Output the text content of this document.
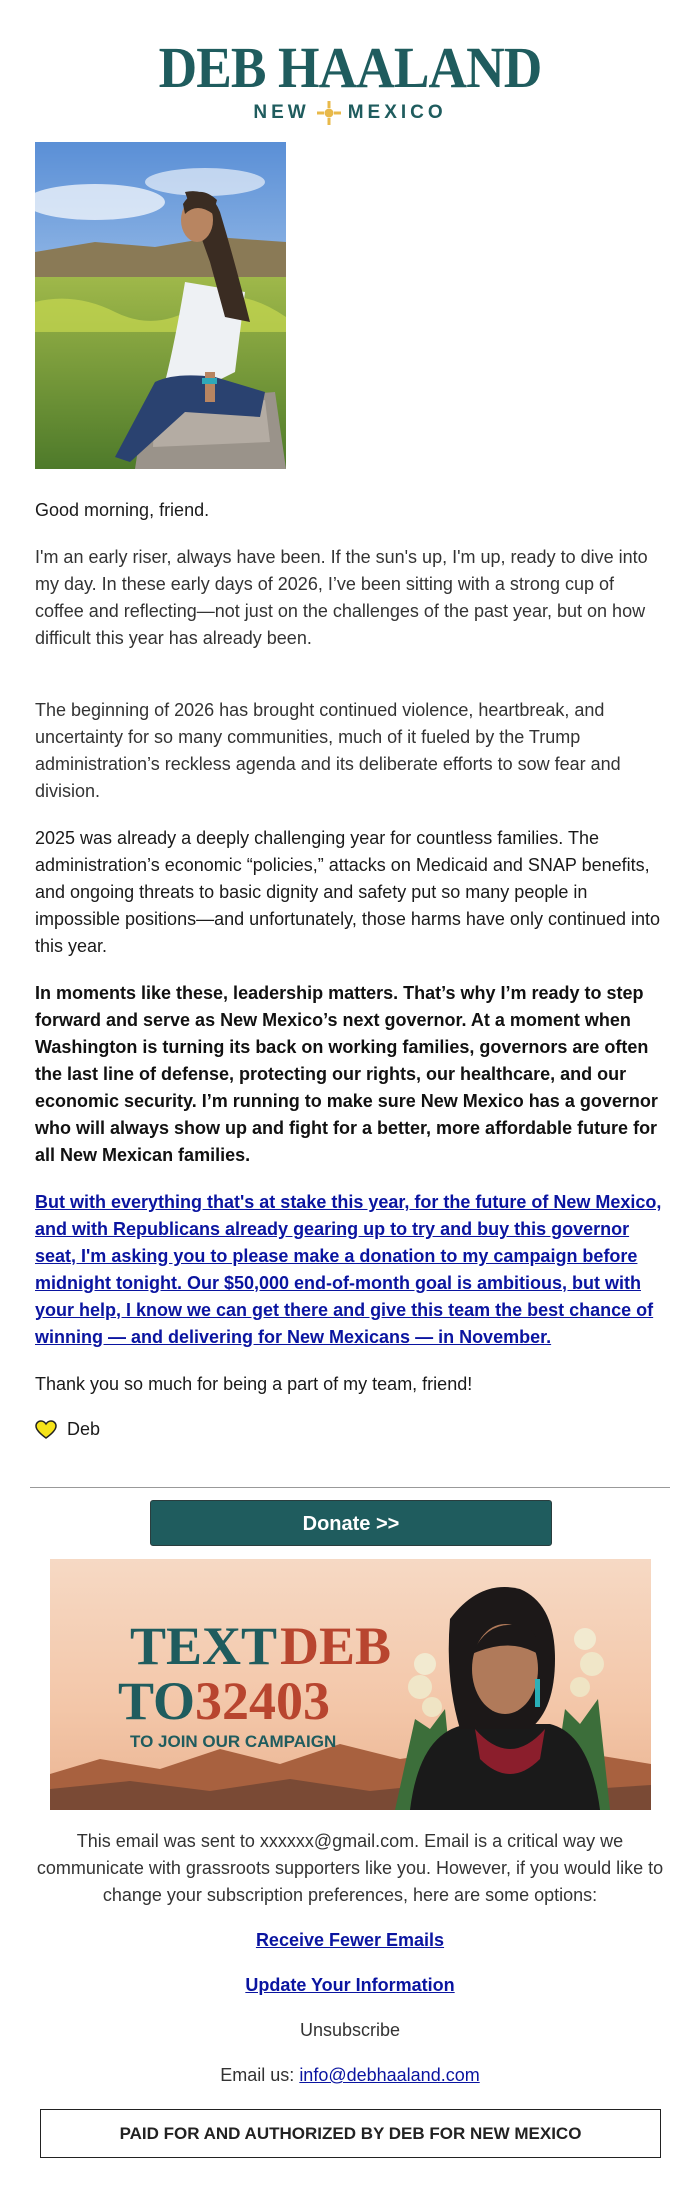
DEB HAALAND
NEW MEXICO

Good morning, friend.

I'm an early riser, always have been. If the sun's up, I'm up, ready to dive into my day. In these early days of 2026, I’ve been sitting with a strong cup of coffee and reflecting—not just on the challenges of the past year, but on how difficult this year has already been.

The beginning of 2026 has brought continued violence, heartbreak, and uncertainty for so many communities, much of it fueled by the Trump administration’s reckless agenda and its deliberate efforts to sow fear and division.

2025 was already a deeply challenging year for countless families. The administration’s economic “policies,” attacks on Medicaid and SNAP benefits, and ongoing threats to basic dignity and safety put so many people in impossible positions—and unfortunately, those harms have only continued into this year.

In moments like these, leadership matters. That’s why I’m ready to step forward and serve as New Mexico’s next governor. At a moment when Washington is turning its back on working families, governors are often the last line of defense, protecting our rights, our healthcare, and our economic security. I’m running to make sure New Mexico has a governor who will always show up and fight for a better, more affordable future for all New Mexican families.

But with everything that's at stake this year, for the future of New Mexico, and with Republicans already gearing up to try and buy this governor seat, I'm asking you to please make a donation to my campaign before midnight tonight. Our $50,000 end-of-month goal is ambitious, but with your help, I know we can get there and give this team the best chance of winning — and delivering for New Mexicans — in November.

Thank you so much for being a part of my team, friend!

Deb
Donate >>
TEXT DEB
TO 32403
TO JOIN OUR CAMPAIGN

This email was sent to xxxxxx@gmail.com. Email is a critical way we communicate with grassroots supporters like you. However, if you would like to change your subscription preferences, here are some options:

Receive Fewer Emails

Update Your Information

Unsubscribe

Email us: info@debhaaland.com

PAID FOR AND AUTHORIZED BY DEB FOR NEW MEXICO
